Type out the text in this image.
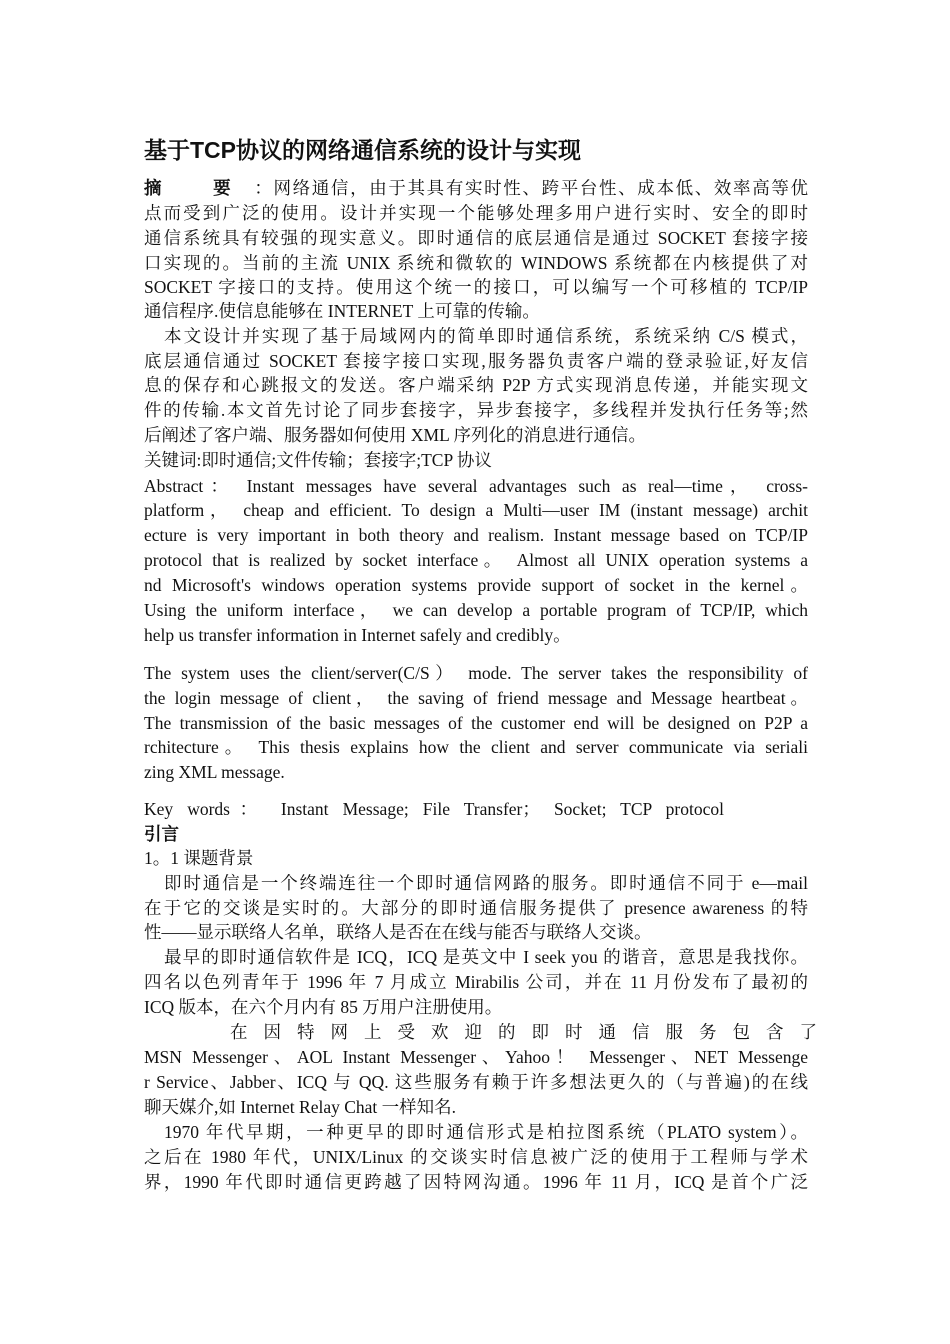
基于TCP协议的网络通信系统的设计与实现
摘 要：网络通信，由于其具有实时性、跨平台性、成本低、效率高等优
点而受到广泛的使用。设计并实现一个能够处理多用户进行实时、安全的即时
通信系统具有较强的现实意义。即时通信的底层通信是通过 SOCKET 套接字接
口实现的。当前的主流 UNIX 系统和微软的 WINDOWS 系统都在内核提供了对
SOCKET 字接口的支持。使用这个统一的接口，可以编写一个可移植的 TCP/IP
通信程序.使信息能够在 INTERNET 上可靠的传输。
本文设计并实现了基于局域网内的简单即时通信系统，系统采纳 C/S 模式，
底层通信通过 SOCKET 套接字接口实现,服务器负责客户端的登录验证,好友信
息的保存和心跳报文的发送。客户端采纳 P2P 方式实现消息传递，并能实现文
件的传输.本文首先讨论了同步套接字，异步套接字，多线程并发执行任务等;然
后阐述了客户端、服务器如何使用 XML 序列化的消息进行通信。
关键词:即时通信;文件传输；套接字;TCP 协议
Abstract： Instant messages have several advantages such as real—time， cross-
platform， cheap and efficient. To design a Multi—user IM (instant message) archit
ecture is very important in both theory and realism. Instant message based on TCP/IP
protocol that is realized by socket interface。 Almost all UNIX operation systems a
nd Microsoft's windows operation systems provide support of socket in the kernel。
Using the uniform interface， we can develop a portable program of TCP/IP, which
help us transfer information in Internet safely and credibly。
The system uses the client/server(C/S） mode. The server takes the responsibility of
the login message of client， the saving of friend message and Message heartbeat。
The transmission of the basic messages of the customer end will be designed on P2P a
rchitecture。 This thesis explains how the client and server communicate via seriali
zing XML message.
Key words： Instant Message; File Transfer； Socket; TCP protocol
引言
1。1 课题背景
即时通信是一个终端连往一个即时通信网路的服务。即时通信不同于 e—mail
在于它的交谈是实时的。大部分的即时通信服务提供了 presence awareness 的特
性——显示联络人名单，联络人是否在在线与能否与联络人交谈。
最早的即时通信软件是 ICQ，ICQ 是英文中 I seek you 的谐音，意思是我找你。
四名以色列青年于 1996 年 7 月成立 Mirabilis 公司，并在 11 月份发布了最初的
ICQ 版本，在六个月内有 85 万用户注册使用。
在因特网上受欢迎的即时通信服务包含了
MSN Messenger、AOL Instant Messenger、Yahoo！ Messenger、NET Messenge
r Service、Jabber、ICQ 与 QQ. 这些服务有赖于许多想法更久的（与普遍)的在线
聊天媒介,如 Internet Relay Chat 一样知名.
1970 年代早期，一种更早的即时通信形式是柏拉图系统（PLATO system）。
之后在 1980 年代，UNIX/Linux 的交谈实时信息被广泛的使用于工程师与学术
界，1990 年代即时通信更跨越了因特网沟通。1996 年 11 月，ICQ 是首个广泛
